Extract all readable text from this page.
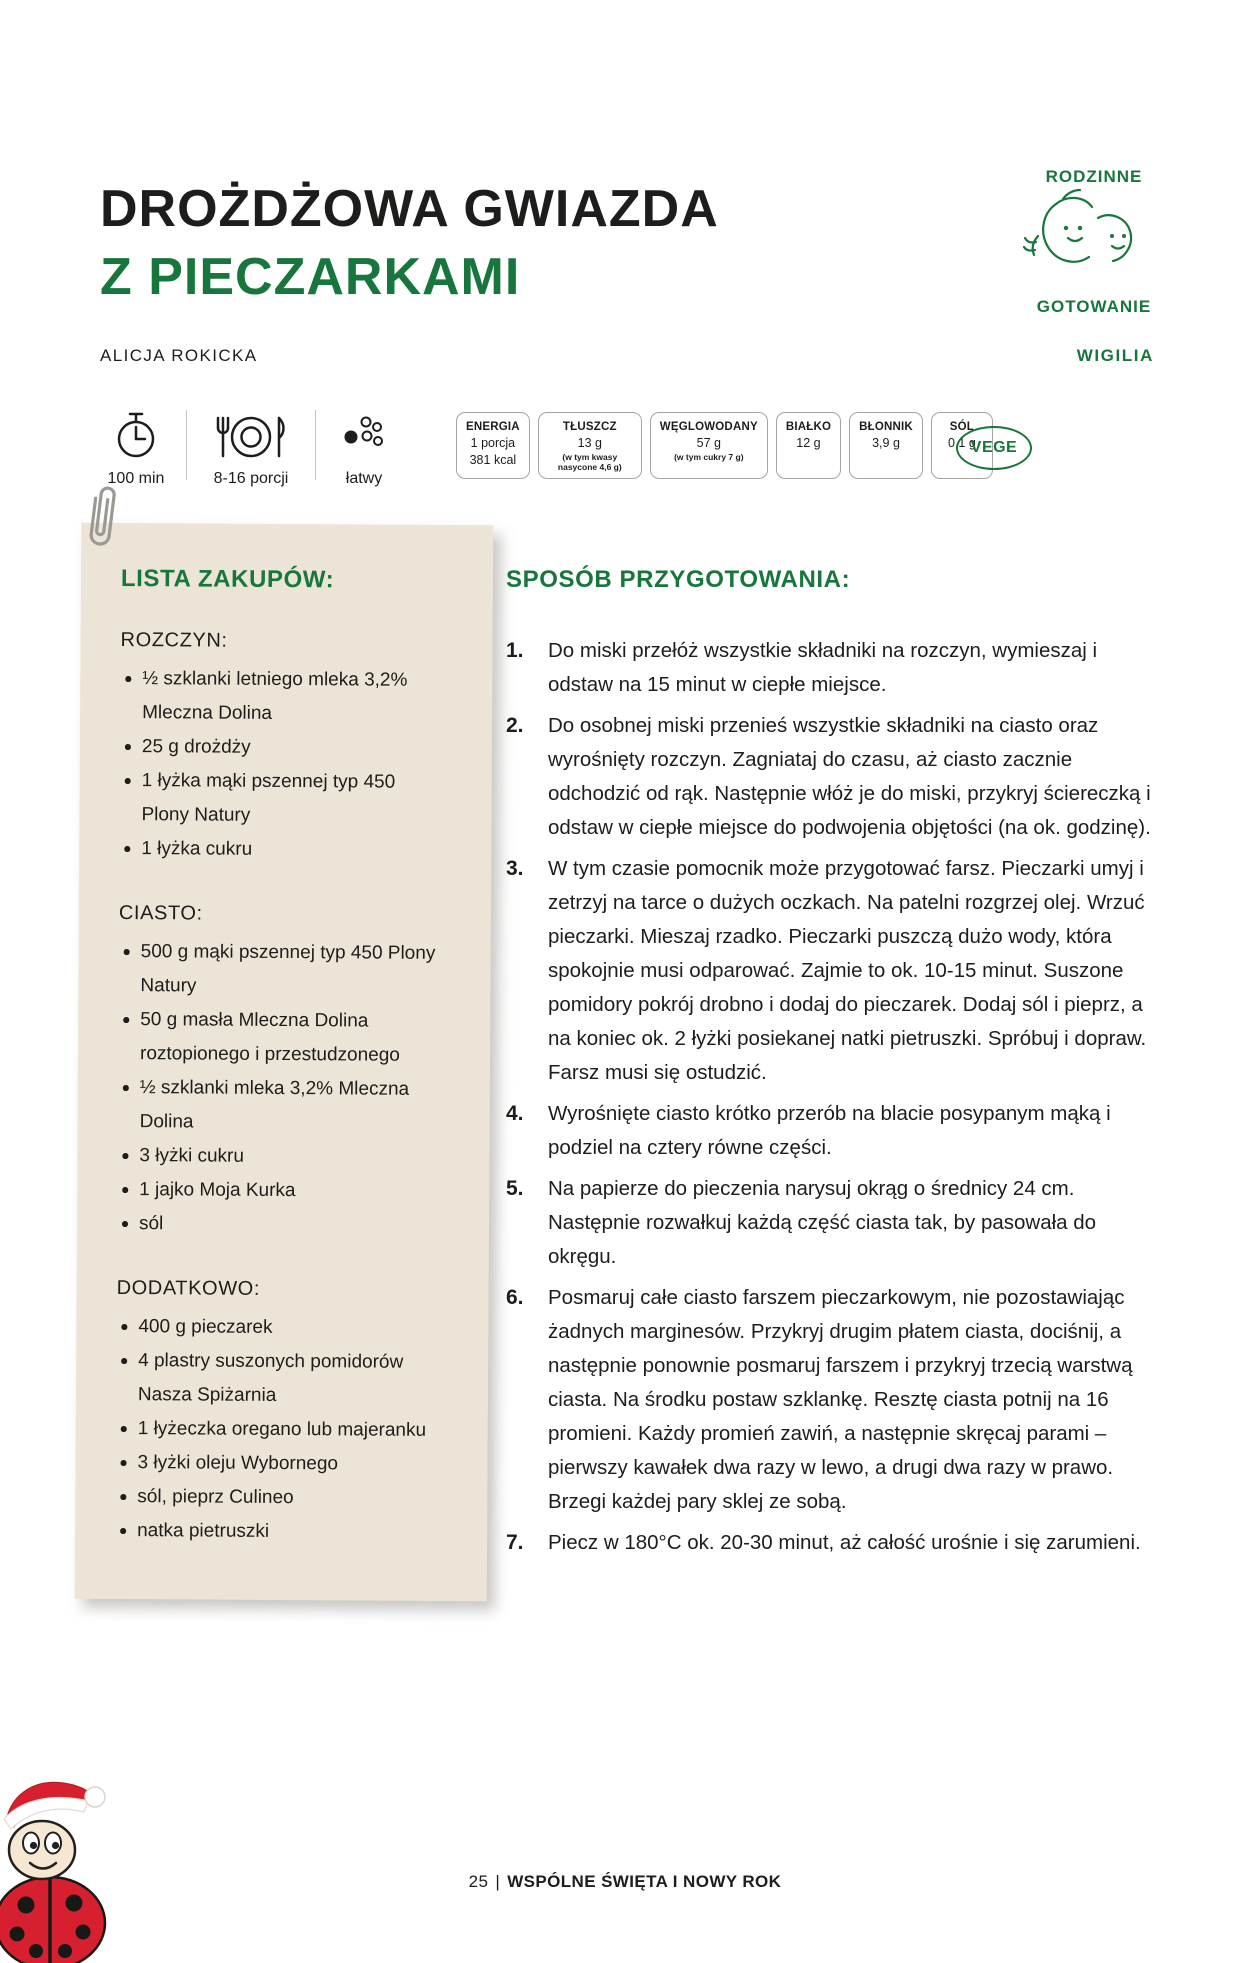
DROŻDŻOWA GWIAZDA
Z PIECZARKAMI
ALICJA ROKICKA	WIGILIA
RODZINNE
GOTOWANIE
100 min	8-16 porcji	łatwy
ENERGIA
1 porcja
381 kcal
TŁUSZCZ
13 g
(w tym kwasy nasycone 4,6 g)
WĘGLOWODANY
57 g
(w tym cukry 7 g)
BIAŁKO
12 g
BŁONNIK
3,9 g
SÓL
0,1 g
VEGE
LISTA ZAKUPÓW:
ROZCZYN:
½ szklanki letniego mleka 3,2% Mleczna Dolina
25 g drożdży
1 łyżka mąki pszennej typ 450 Plony Natury
1 łyżka cukru
CIASTO:
500 g mąki pszennej typ 450 Plony Natury
50 g masła Mleczna Dolina roztopionego i przestudzonego
½ szklanki mleka 3,2% Mleczna Dolina
3 łyżki cukru
1 jajko Moja Kurka
sól
DODATKOWO:
400 g pieczarek
4 plastry suszonych pomidorów Nasza Spiżarnia
1 łyżeczka oregano lub majeranku
3 łyżki oleju Wybornego
sól, pieprz Culineo
natka pietruszki
SPOSÓB PRZYGOTOWANIA:
1.	Do miski przełóż wszystkie składniki na rozczyn, wymieszaj i odstaw na 15 minut w ciepłe miejsce.
2.	Do osobnej miski przenieś wszystkie składniki na ciasto oraz wyrośnięty rozczyn. Zagniataj do czasu, aż ciasto zacznie odchodzić od rąk. Następnie włóż je do miski, przykryj ściereczką i odstaw w ciepłe miejsce do podwojenia objętości (na ok. godzinę).
3.	W tym czasie pomocnik może przygotować farsz. Pieczarki umyj i zetrzyj na tarce o dużych oczkach. Na patelni rozgrzej olej. Wrzuć pieczarki. Mieszaj rzadko. Pieczarki puszczą dużo wody, która spokojnie musi odparować. Zajmie to ok. 10-15 minut. Suszone pomidory pokrój drobno i dodaj do pieczarek. Dodaj sól i pieprz, a na koniec ok. 2 łyżki posiekanej natki pietruszki. Spróbuj i dopraw. Farsz musi się ostudzić.
4.	Wyrośnięte ciasto krótko przerób na blacie posypanym mąką i podziel na cztery równe części.
5.	Na papierze do pieczenia narysuj okrąg o średnicy 24 cm. Następnie rozwałkuj każdą część ciasta tak, by pasowała do okręgu.
6.	Posmaruj całe ciasto farszem pieczarkowym, nie pozostawiając żadnych marginesów. Przykryj drugim płatem ciasta, dociśnij, a następnie ponownie posmaruj farszem i przykryj trzecią warstwą ciasta. Na środku postaw szklankę. Resztę ciasta potnij na 16 promieni. Każdy promień zawiń, a następnie skręcaj parami – pierwszy kawałek dwa razy w lewo, a drugi dwa razy w prawo. Brzegi każdej pary sklej ze sobą.
7.	Piecz w 180°C ok. 20-30 minut, aż całość urośnie i się zarumieni.
25 | WSPÓLNE ŚWIĘTA I NOWY ROK
